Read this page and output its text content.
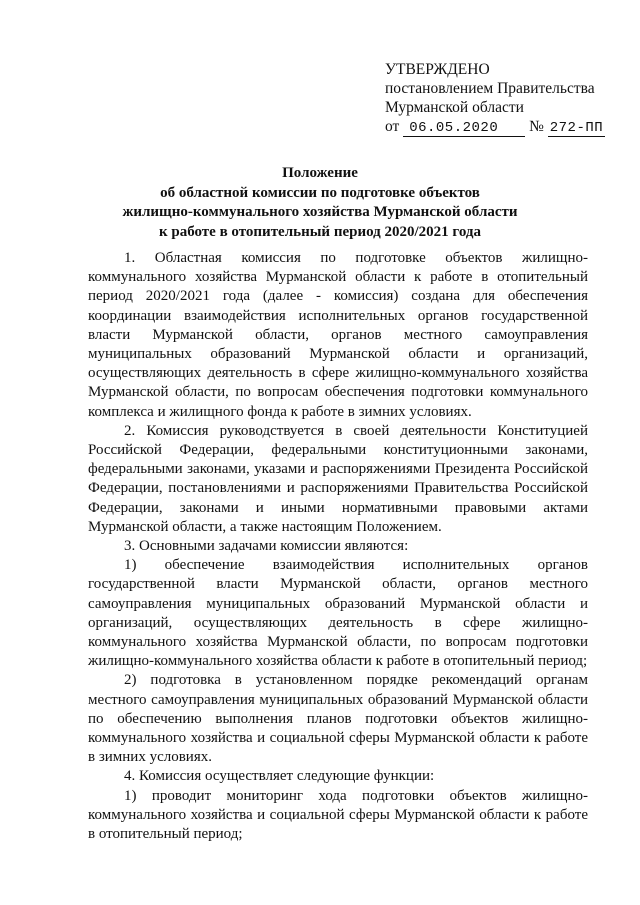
УТВЕРЖДЕНО
постановлением Правительства
Мурманской области
от 06.05.2020 № 272-ПП
Положение
об областной комиссии по подготовке объектов
жилищно-коммунального хозяйства Мурманской области
к работе в отопительный период 2020/2021 года

1. Областная комиссия по подготовке объектов жилищно-коммунального хозяйства Мурманской области к работе в отопительный период 2020/2021 года (далее - комиссия) создана для обеспечения координации взаимодействия исполнительных органов государственной власти Мурманской области, органов местного самоуправления муниципальных образований Мурманской области и организаций, осуществляющих деятельность в сфере жилищно-коммунального хозяйства Мурманской области, по вопросам обеспечения подготовки коммунального комплекса и жилищного фонда к работе в зимних условиях.

2. Комиссия руководствуется в своей деятельности Конституцией Российской Федерации, федеральными конституционными законами, федеральными законами, указами и распоряжениями Президента Российской Федерации, постановлениями и распоряжениями Правительства Российской Федерации, законами и иными нормативными правовыми актами Мурманской области, а также настоящим Положением.

3. Основными задачами комиссии являются:

1) обеспечение взаимодействия исполнительных органов государственной власти Мурманской области, органов местного самоуправления муниципальных образований Мурманской области и организаций, осуществляющих деятельность в сфере жилищно-коммунального хозяйства Мурманской области, по вопросам подготовки жилищно-коммунального хозяйства области к работе в отопительный период;

2) подготовка в установленном порядке рекомендаций органам местного самоуправления муниципальных образований Мурманской области по обеспечению выполнения планов подготовки объектов жилищно-коммунального хозяйства и социальной сферы Мурманской области к работе в зимних условиях.

4. Комиссия осуществляет следующие функции:

1) проводит мониторинг хода подготовки объектов жилищно-коммунального хозяйства и социальной сферы Мурманской области к работе в отопительный период;
